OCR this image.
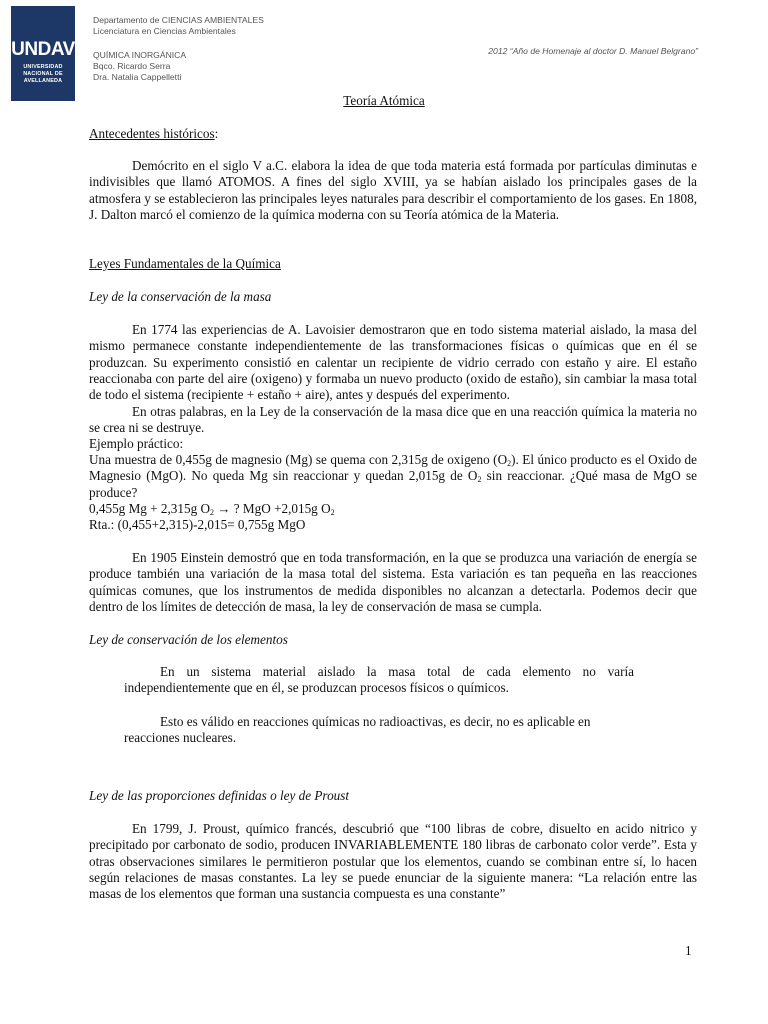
UNDAV
UNIVERSIDAD
NACIONAL DE
AVELLANEDA
Departamento de CIENCIAS AMBIENTALES
Licenciatura en Ciencias Ambientales
QUÍMICA INORGÁNICA
Bqco. Ricardo Serra
Dra. Natalia Cappelletti
2012 “Año de Homenaje al doctor D. Manuel Belgrano”
Teoría Atómica

Antecedentes históricos:

Demócrito en el siglo V a.C. elabora la idea de que toda materia está formada por partículas diminutas e indivisibles que llamó ATOMOS. A fines del siglo XVIII, ya se habían aislado los principales gases de la atmosfera y se establecieron las principales leyes naturales para describir el comportamiento de los gases. En 1808, J. Dalton marcó el comienzo de la química moderna con su Teoría atómica de la Materia.

Leyes Fundamentales de la Química

Ley de la conservación de la masa

En 1774 las experiencias de A. Lavoisier demostraron que en todo sistema material aislado, la masa del mismo permanece constante independientemente de las transformaciones físicas o químicas que en él se produzcan. Su experimento consistió en calentar un recipiente de vidrio cerrado con estaño y aire. El estaño reaccionaba con parte del aire (oxigeno) y formaba un nuevo producto (oxido de estaño), sin cambiar la masa total de todo el sistema (recipiente + estaño + aire), antes y después del experimento.

En otras palabras, en la Ley de la conservación de la masa dice que en una reacción química la materia no se crea ni se destruye.

Ejemplo práctico:

Una muestra de 0,455g de magnesio (Mg) se quema con 2,315g de oxigeno $(O_2)$. El único producto es el Oxido de Magnesio (MgO). No queda Mg sin reaccionar y quedan 2,015g de $O_2$ sin reaccionar. ¿Qué masa de MgO se produce?

0,455g Mg + 2,315g $O_2$ → ? MgO +2,015g $O_2$

Rta.: (0,455+2,315)-2,015= 0,755g MgO

En 1905 Einstein demostró que en toda transformación, en la que se produzca una variación de energía se produce también una variación de la masa total del sistema. Esta variación es tan pequeña en las reacciones químicas comunes, que los instrumentos de medida disponibles no alcanzan a detectarla. Podemos decir que dentro de los límites de detección de masa, la ley de conservación de masa se cumpla.

Ley de conservación de los elementos

En un sistema material aislado la masa total de cada elemento no varía independientemente que en él, se produzcan procesos físicos o químicos.

Esto es válido en reacciones químicas no radioactivas, es decir, no es aplicable en reacciones nucleares.

Ley de las proporciones definidas o ley de Proust

En 1799, J. Proust, químico francés, descubrió que “100 libras de cobre, disuelto en acido nitrico y precipitado por carbonato de sodio, producen INVARIABLEMENTE 180 libras de carbonato color verde”. Esta y otras observaciones similares le permitieron postular que los elementos, cuando se combinan entre sí, lo hacen según relaciones de masas constantes. La ley se puede enunciar de la siguiente manera: “La relación entre las masas de los elementos que forman una sustancia compuesta es una constante”

1
